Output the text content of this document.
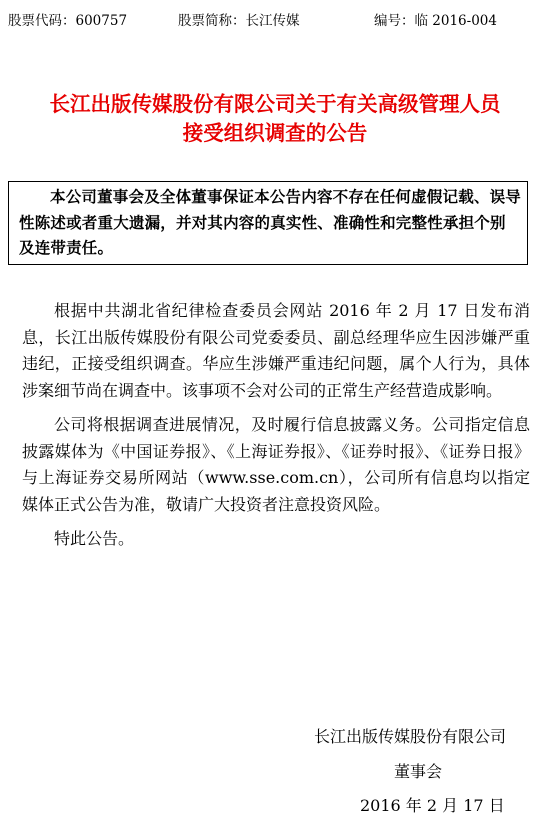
股票代码：600757	股票简称：长江传媒	编号：临 2016-004
长江出版传媒股份有限公司关于有关高级管理人员
接受组织调查的公告
本公司董事会及全体董事保证本公告内容不存在任何虚假记载、误导性陈述或者重大遗漏，并对其内容的真实性、准确性和完整性承担个别及连带责任。

根据中共湖北省纪律检查委员会网站 2016 年 2 月 17 日发布消息，长江出版传媒股份有限公司党委委员、副总经理华应生因涉嫌严重违纪，正接受组织调查。华应生涉嫌严重违纪问题，属个人行为，具体涉案细节尚在调查中。该事项不会对公司的正常生产经营造成影响。

公司将根据调查进展情况，及时履行信息披露义务。公司指定信息披露媒体为《中国证券报》、《上海证券报》、《证券时报》、《证券日报》与上海证券交易所网站（www.sse.com.cn），公司所有信息均以指定媒体正式公告为准，敬请广大投资者注意投资风险。

特此公告。

长江出版传媒股份有限公司
董事会
2016 年 2 月 17 日
